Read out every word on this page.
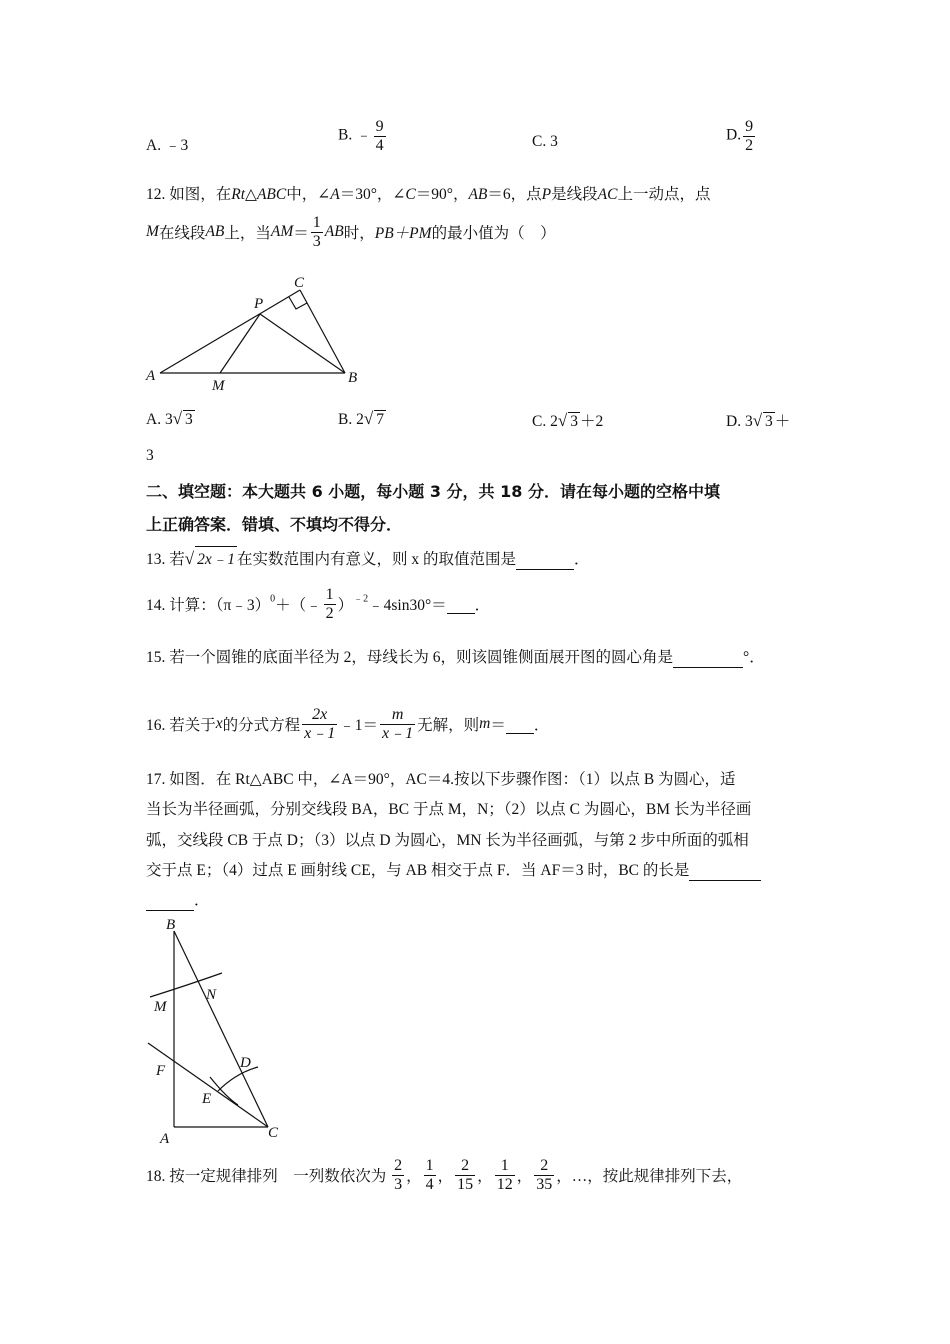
A. ﹣3
B. ﹣ $\frac{9}{4}$	C. 3	D. $\frac{9}{2}$
12. 如图，在Rt△ABC中，∠A＝30°，∠C＝90°，AB＝6，点P是线段AC上一动点，点
M在线段AB上，当$AM= \frac{1}{3}$ AB时，PB＋PM的最小值为（　）
A
M	B
P
C
A. 3√ 3	B. 2√ 7	C. 2√ 3 ＋2	D. 3√ 3 ＋
3
二、填空题：本大题共 6 小题，每小题 3 分，共 18 分．请在每小题的空格中填
上正确答案．错填、不填均不得分．
13. 若√ 2x﹣1 在实数范围内有意义，则 x 的取值范围是	．
14. 计算：（π﹣3）$^0$＋（﹣ $\frac{1}{2}$ ）$^{﹣2}$﹣4sin30°＝ ．
15. 若一个圆锥的底面半径为 2，母线长为 6，则该圆锥侧面展开图的圆心角是	°．
16. 若关于x的分式方程 $\frac{2x}{x﹣1}$ ﹣1＝ $\frac{m}{x﹣1}$ 无解，则m＝ ．
17. 如图．在 Rt△ABC 中，∠A＝90°，AC＝4.按以下步骤作图：（1）以点 B 为圆心，适
当长为半径画弧，分别交线段 BA，BC 于点 M，N；（2）以点 C 为圆心，BM 长为半径画
弧，交线段 CB 于点 D；（3）以点 D 为圆心，MN 长为半径画弧，与第 2 步中所面的弧相
交于点 E；（4）过点 E 画射线 CE，与 AB 相交于点 F．当 AF＝3 时，BC 的长是
．
B
M
N
F	D
E
A	C
18. 按一定规律排列　一列数依次为 $\frac{2}{3}$ ， $\frac{1}{4}$ ， $\frac{2}{15}$ ， $\frac{1}{12}$ ， $\frac{2}{35}$ ，…，按此规律排列下去，
